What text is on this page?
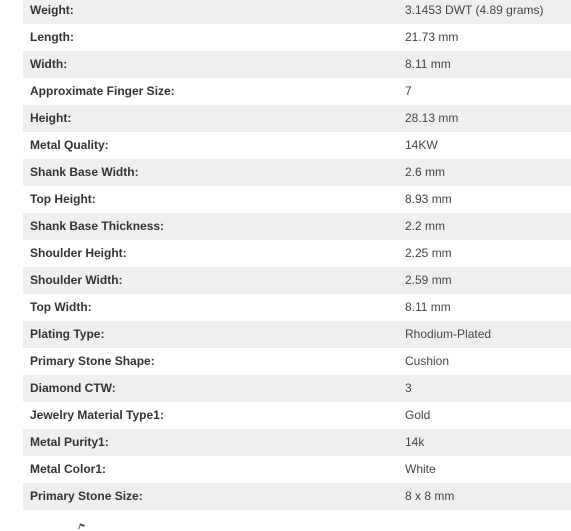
Weight:	3.1453 DWT (4.89 grams)
Length:	21.73 mm
Width:	8.11 mm
Approximate Finger Size:	7
Height:	28.13 mm
Metal Quality:	14KW
Shank Base Width:	2.6 mm
Top Height:	8.93 mm
Shank Base Thickness:	2.2 mm
Shoulder Height:	2.25 mm
Shoulder Width:	2.59 mm
Top Width:	8.11 mm
Plating Type:	Rhodium-Plated
Primary Stone Shape:	Cushion
Diamond CTW:	3
Jewelry Material Type1:	Gold
Metal Purity1:	14k
Metal Color1:	White
Primary Stone Size:	8 x 8 mm
